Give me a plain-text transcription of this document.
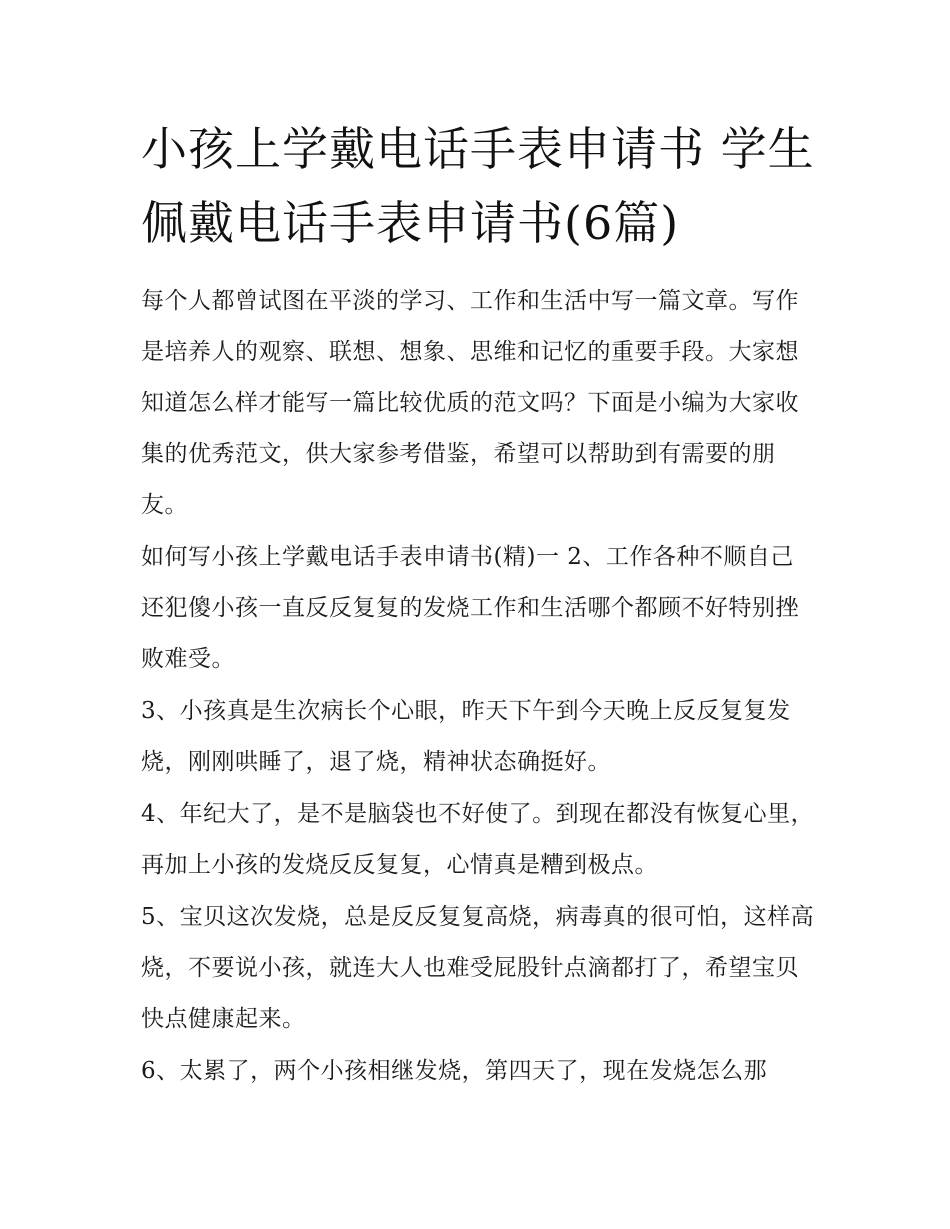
小孩上学戴电话手表申请书 学生佩戴电话手表申请书(6篇)

每个人都曾试图在平淡的学习、工作和生活中写一篇文章。写作是培养人的观察、联想、想象、思维和记忆的重要手段。大家想知道怎么样才能写一篇比较优质的范文吗？下面是小编为大家收集的优秀范文，供大家参考借鉴，希望可以帮助到有需要的朋友。

如何写小孩上学戴电话手表申请书(精)一 2、工作各种不顺自己还犯傻小孩一直反反复复的发烧工作和生活哪个都顾不好特别挫败难受。

3、小孩真是生次病长个心眼，昨天下午到今天晚上反反复复发烧，刚刚哄睡了，退了烧，精神状态确挺好。

4、年纪大了，是不是脑袋也不好使了。到现在都没有恢复心里，再加上小孩的发烧反反复复，心情真是糟到极点。

5、宝贝这次发烧，总是反反复复高烧，病毒真的很可怕，这样高烧，不要说小孩，就连大人也难受屁股针点滴都打了，希望宝贝快点健康起来。

6、太累了，两个小孩相继发烧，第四天了，现在发烧怎么那
